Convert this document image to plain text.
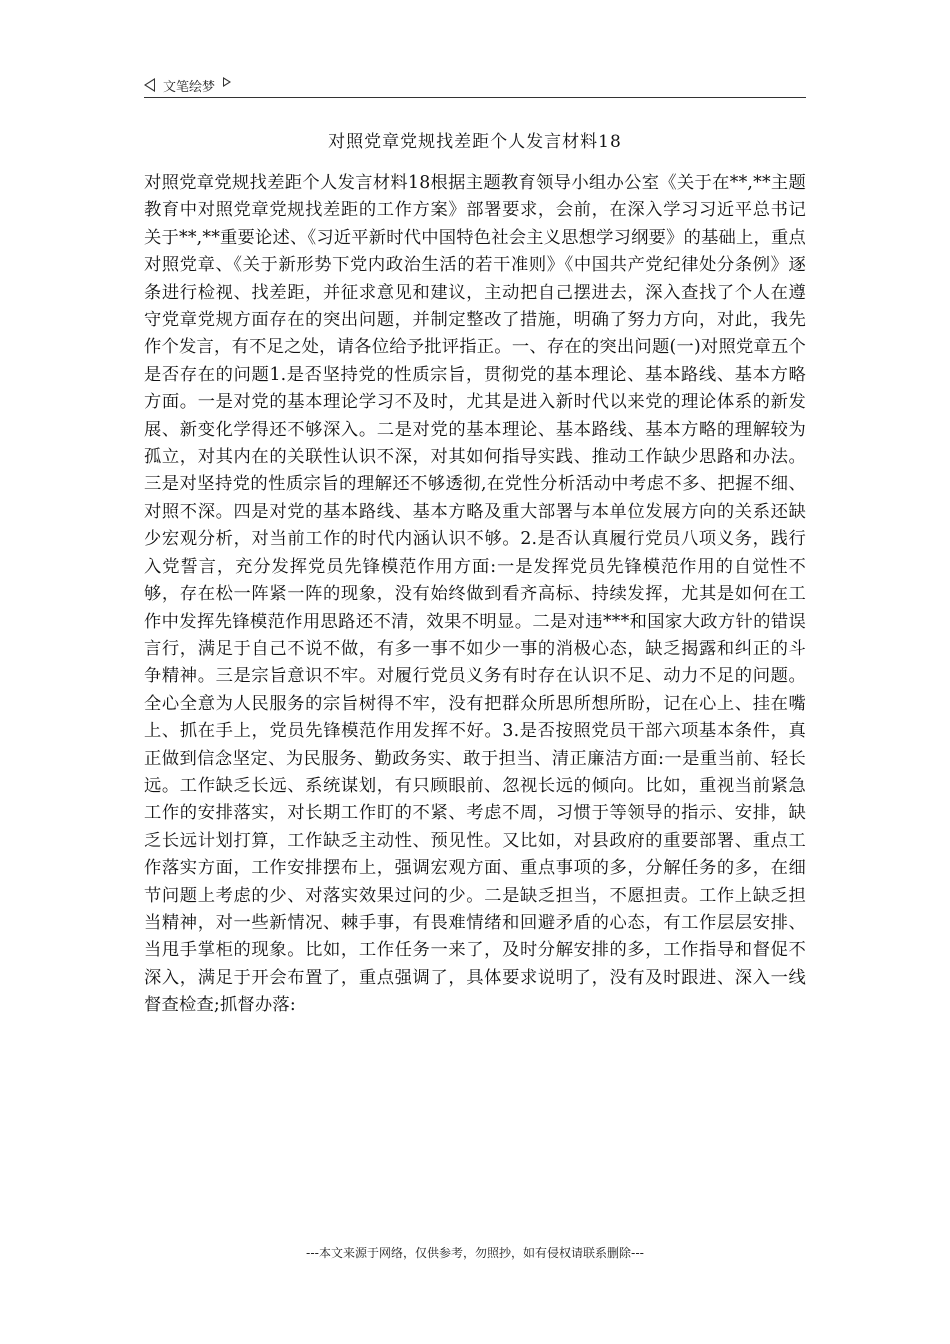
文笔绘梦
对照党章党规找差距个人发言材料18
对照党章党规找差距个人发言材料18根据主题教育领导小组办公室《关于在**,**主题教育中对照党章党规找差距的工作方案》部署要求，会前，在深入学习习近平总书记关于**,**重要论述、《习近平新时代中国特色社会主义思想学习纲要》的基础上，重点对照党章、《关于新形势下党内政治生活的若干准则》《中国共产党纪律处分条例》逐条进行检视、找差距，并征求意见和建议，主动把自己摆进去，深入查找了个人在遵守党章党规方面存在的突出问题，并制定整改了措施，明确了努力方向，对此，我先作个发言，有不足之处，请各位给予批评指正。一、存在的突出问题(一)对照党章五个是否存在的问题1.是否坚持党的性质宗旨，贯彻党的基本理论、基本路线、基本方略方面。一是对党的基本理论学习不及时，尤其是进入新时代以来党的理论体系的新发展、新变化学得还不够深入。二是对党的基本理论、基本路线、基本方略的理解较为孤立，对其内在的关联性认识不深，对其如何指导实践、推动工作缺少思路和办法。三是对坚持党的性质宗旨的理解还不够透彻,在党性分析活动中考虑不多、把握不细、对照不深。四是对党的基本路线、基本方略及重大部署与本单位发展方向的关系还缺少宏观分析，对当前工作的时代内涵认识不够。2.是否认真履行党员八项义务，践行入党誓言，充分发挥党员先锋模范作用方面:一是发挥党员先锋模范作用的自觉性不够，存在松一阵紧一阵的现象，没有始终做到看齐高标、持续发挥，尤其是如何在工作中发挥先锋模范作用思路还不清，效果不明显。二是对违***和国家大政方针的错误言行，满足于自己不说不做，有多一事不如少一事的消极心态，缺乏揭露和纠正的斗争精神。三是宗旨意识不牢。对履行党员义务有时存在认识不足、动力不足的问题。全心全意为人民服务的宗旨树得不牢，没有把群众所思所想所盼，记在心上、挂在嘴上、抓在手上，党员先锋模范作用发挥不好。3.是否按照党员干部六项基本条件，真正做到信念坚定、为民服务、勤政务实、敢于担当、清正廉洁方面:一是重当前、轻长远。工作缺乏长远、系统谋划，有只顾眼前、忽视长远的倾向。比如，重视当前紧急工作的安排落实，对长期工作盯的不紧、考虑不周，习惯于等领导的指示、安排，缺乏长远计划打算，工作缺乏主动性、预见性。又比如，对县政府的重要部署、重点工作落实方面，工作安排摆布上，强调宏观方面、重点事项的多，分解任务的多，在细节问题上考虑的少、对落实效果过问的少。二是缺乏担当，不愿担责。工作上缺乏担当精神，对一些新情况、棘手事，有畏难情绪和回避矛盾的心态，有工作层层安排、当甩手掌柜的现象。比如，工作任务一来了，及时分解安排的多，工作指导和督促不深入，满足于开会布置了，重点强调了，具体要求说明了，没有及时跟进、深入一线督查检查;抓督办落:
---本文来源于网络，仅供参考，勿照抄，如有侵权请联系删除---
